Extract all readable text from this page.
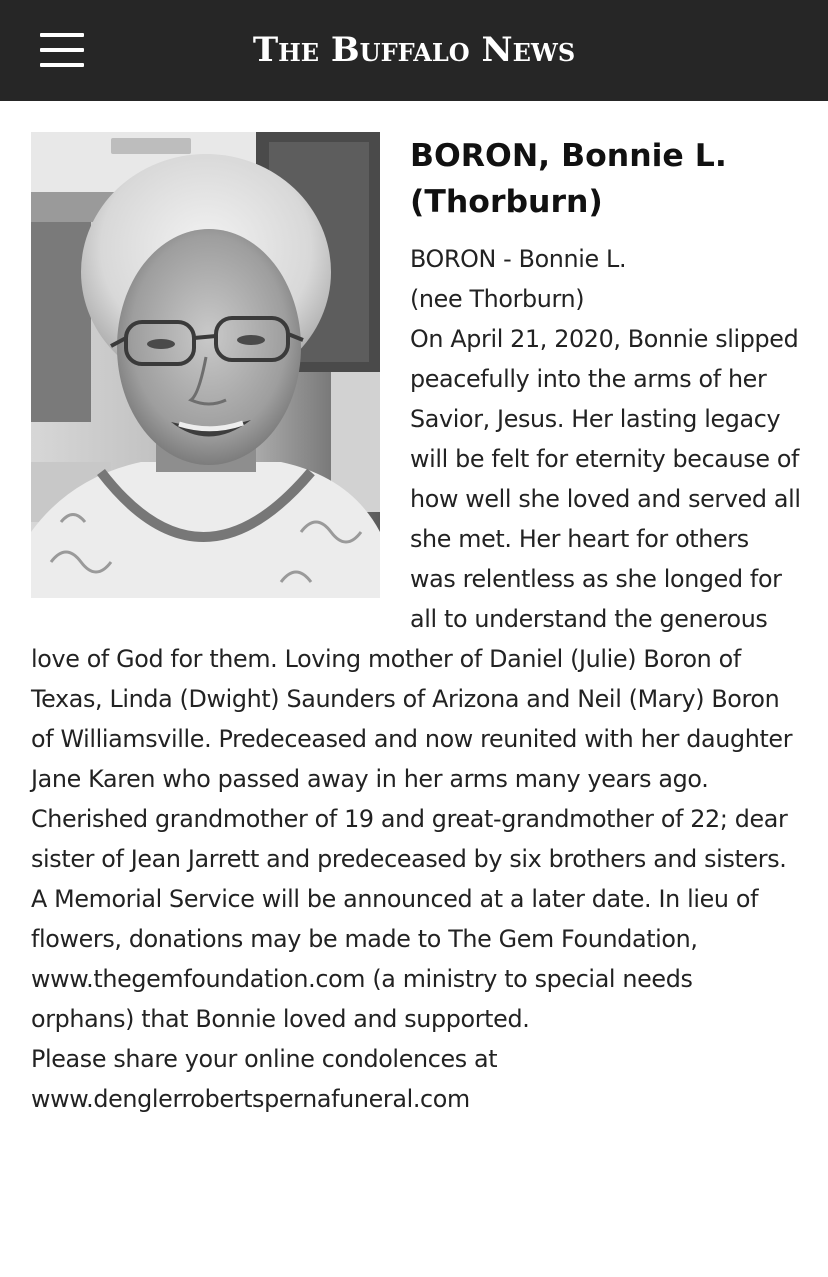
The Buffalo News
BORON, Bonnie L. (Thorburn)
BORON - Bonnie L.
(nee Thorburn)
On April 21, 2020, Bonnie slipped peacefully into the arms of her Savior, Jesus. Her lasting legacy will be felt for eternity because of how well she loved and served all she met. Her heart for others was relentless as she longed for all to understand the generous love of God for them. Loving mother of Daniel (Julie) Boron of Texas, Linda (Dwight) Saunders of Arizona and Neil (Mary) Boron of Williamsville. Predeceased and now reunited with her daughter Jane Karen who passed away in her arms many years ago. Cherished grandmother of 19 and great-grandmother of 22; dear sister of Jean Jarrett and predeceased by six brothers and sisters. A Memorial Service will be announced at a later date. In lieu of flowers, donations may be made to The Gem Foundation, www.thegemfoundation.com (a ministry to special needs orphans) that Bonnie loved and supported.
Please share your online condolences at
www.denglerrobertspernafuneral.com
